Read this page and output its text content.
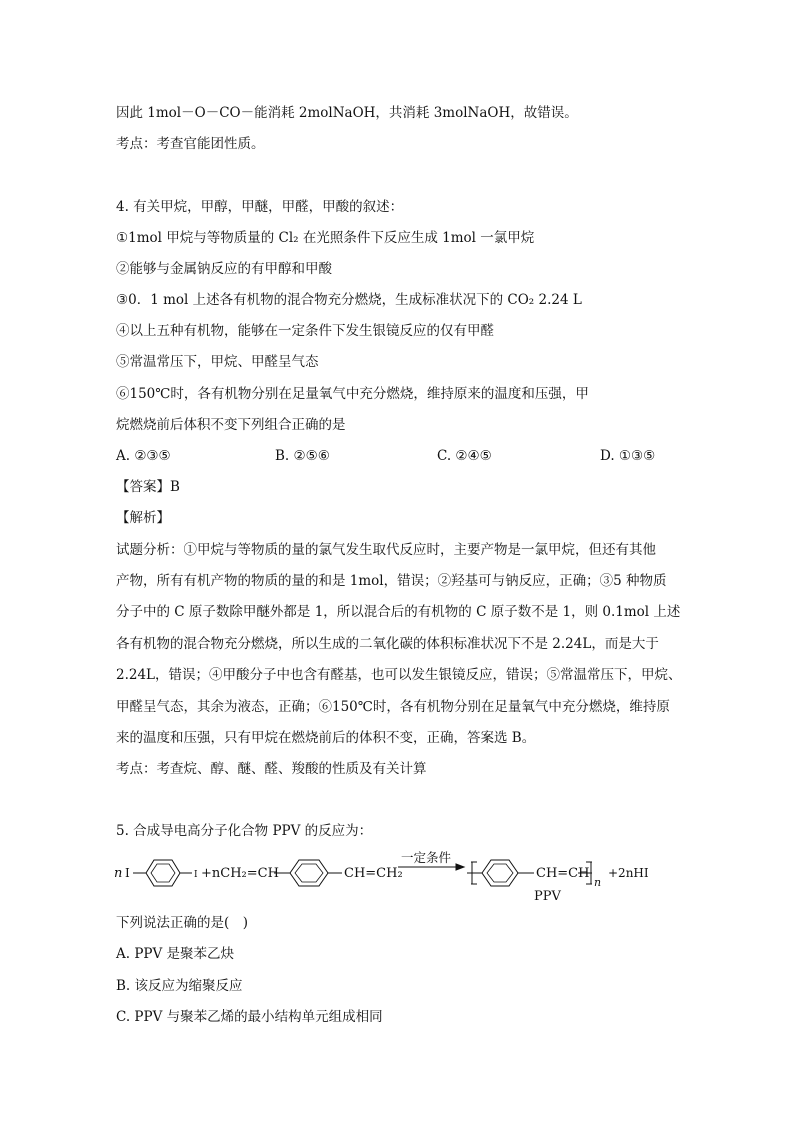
因此 1mol－O－CO－能消耗 2molNaOH，共消耗 3molNaOH，故错误。
考点：考查官能团性质。
4. 有关甲烷，甲醇，甲醚，甲醛，甲酸的叙述：
①1mol 甲烷与等物质量的 Cl₂ 在光照条件下反应生成 1mol 一氯甲烷
②能够与金属钠反应的有甲醇和甲酸
③0．1 mol 上述各有机物的混合物充分燃烧，生成标准状况下的 CO₂ 2.24 L
④以上五种有机物，能够在一定条件下发生银镜反应的仅有甲醛
⑤常温常压下，甲烷、甲醛呈气态
⑥150℃时，各有机物分别在足量氧气中充分燃烧，维持原来的温度和压强，甲
烷燃烧前后体积不变下列组合正确的是
A. ②③⑤	B. ②⑤⑥	C. ②④⑤	D. ①③⑤
【答案】B
【解析】
试题分析：①甲烷与等物质的量的氯气发生取代反应时，主要产物是一氯甲烷，但还有其他
产物，所有有机产物的物质的量的和是 1mol，错误；②羟基可与钠反应，正确；③5 种物质
分子中的 C 原子数除甲醚外都是 1，所以混合后的有机物的 C 原子数不是 1，则 0.1mol 上述
各有机物的混合物充分燃烧，所以生成的二氧化碳的体积标准状况下不是 2.24L，而是大于
2.24L，错误；④甲酸分子中也含有醛基，也可以发生银镜反应，错误；⑤常温常压下，甲烷、
甲醛呈气态，其余为液态，正确；⑥150℃时，各有机物分别在足量氧气中充分燃烧，维持原
来的温度和压强，只有甲烷在燃烧前后的体积不变，正确，答案选 B。
考点：考查烷、醇、醚、醛、羧酸的性质及有关计算
5. 合成导电高分子化合物 PPV 的反应为：
n I	I +nCH₂=CH	CH=CH₂
一定条件
CH=CH
n
+2nHI
PPV
下列说法正确的是(　)
A. PPV 是聚苯乙炔
B. 该反应为缩聚反应
C. PPV 与聚苯乙烯的最小结构单元组成相同
